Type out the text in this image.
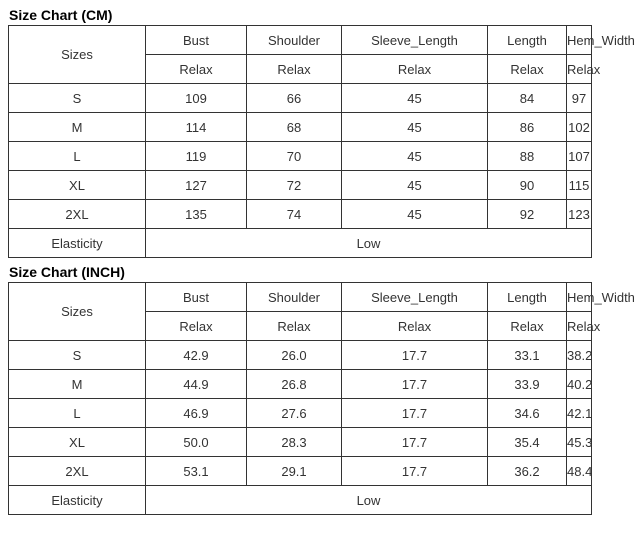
Size Chart (CM)
Sizes	Bust	Shoulder	Sleeve_Length	Length	Hem_Width
	Relax	Relax	Relax	Relax	Relax
S	109	66	45	84	97
M	114	68	45	86	102
L	119	70	45	88	107
XL	127	72	45	90	115
2XL	135	74	45	92	123
Elasticity	Low				
Size Chart (INCH)
Sizes	Bust	Shoulder	Sleeve_Length	Length	Hem_Width
	Relax	Relax	Relax	Relax	Relax
S	42.9	26.0	17.7	33.1	38.2
M	44.9	26.8	17.7	33.9	40.2
L	46.9	27.6	17.7	34.6	42.1
XL	50.0	28.3	17.7	35.4	45.3
2XL	53.1	29.1	17.7	36.2	48.4
Elasticity	Low				
